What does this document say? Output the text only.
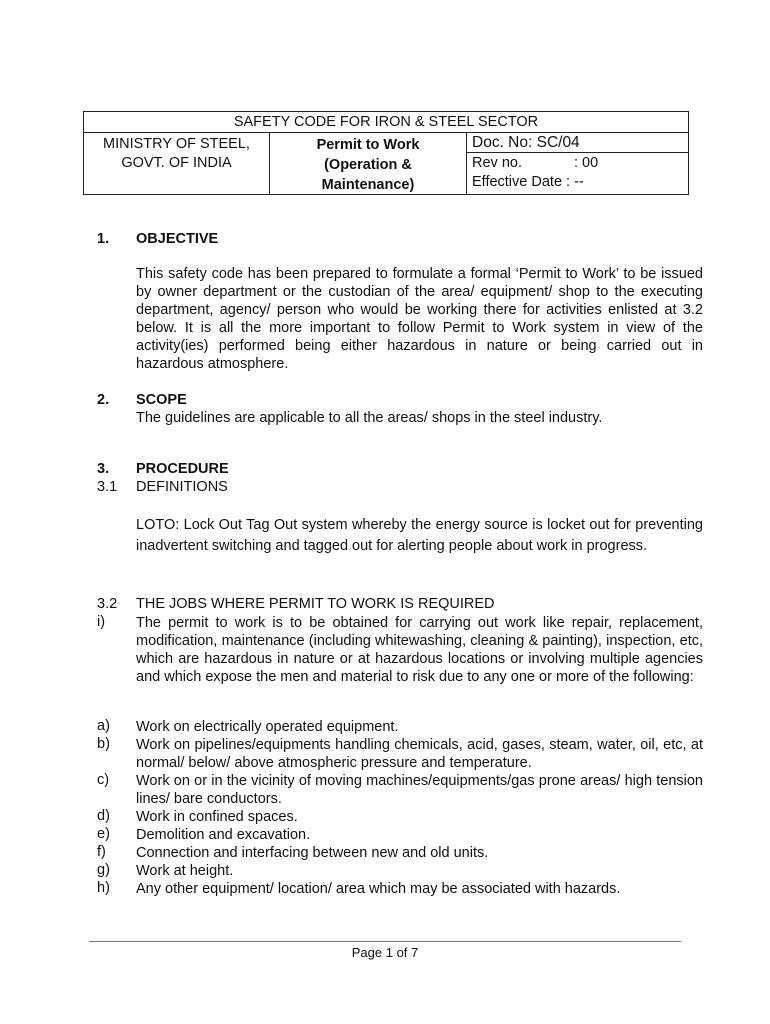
SAFETY CODE FOR IRON & STEEL SECTOR
MINISTRY OF STEEL,
GOVT. OF INDIA
Permit to Work
(Operation &
Maintenance)
Doc. No: SC/04
Rev no.	: 00
Effective Date : --
1. OBJECTIVE
This safety code has been prepared to formulate a formal ‘Permit to Work’ to be issued by owner department or the custodian of the area/ equipment/ shop to the executing department, agency/ person who would be working there for activities enlisted at 3.2 below. It is all the more important to follow Permit to Work system in view of the activity(ies) performed being either hazardous in nature or being carried out in hazardous atmosphere.
2. SCOPE
The guidelines are applicable to all the areas/ shops in the steel industry.
3. PROCEDURE
3.1 DEFINITIONS
LOTO: Lock Out Tag Out system whereby the energy source is locket out for preventing inadvertent switching and tagged out for alerting people about work in progress.
3.2 THE JOBS WHERE PERMIT TO WORK IS REQUIRED
i) The permit to work is to be obtained for carrying out work like repair, replacement, modification, maintenance (including whitewashing, cleaning & painting), inspection, etc, which are hazardous in nature or at hazardous locations or involving multiple agencies and which expose the men and material to risk due to any one or more of the following:
a) Work on electrically operated equipment.
b) Work on pipelines/equipments handling chemicals, acid, gases, steam, water, oil, etc, at normal/ below/ above atmospheric pressure and temperature.
c) Work on or in the vicinity of moving machines/equipments/gas prone areas/ high tension lines/ bare conductors.
d) Work in confined spaces.
e) Demolition and excavation.
f) Connection and interfacing between new and old units.
g) Work at height.
h) Any other equipment/ location/ area which may be associated with hazards.
Page 1 of 7
